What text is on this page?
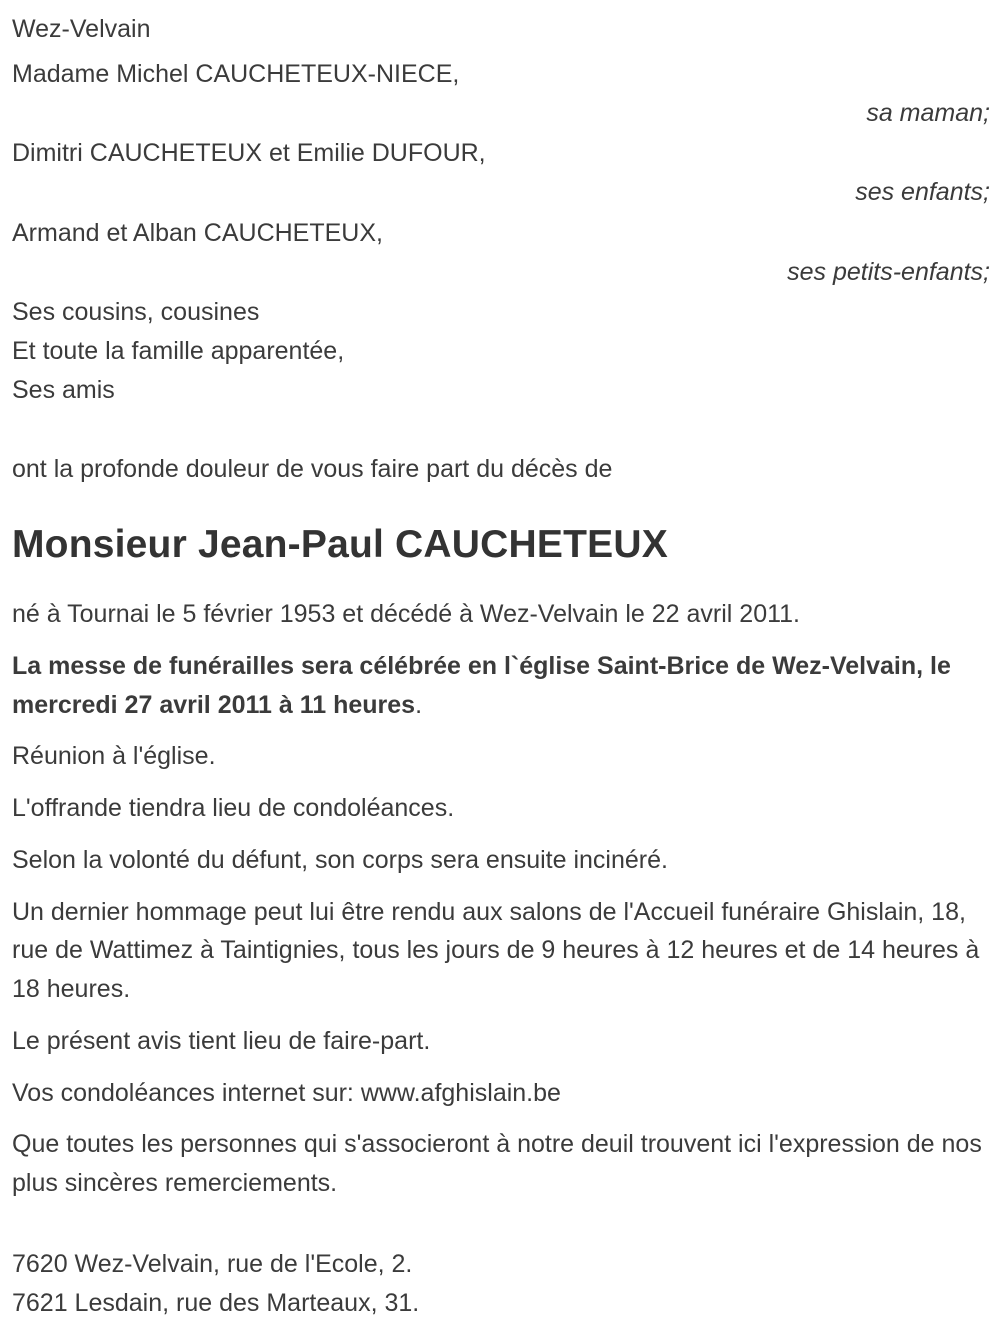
Wez-Velvain

Madame Michel CAUCHETEUX-NIECE,

sa maman;

Dimitri CAUCHETEUX et Emilie DUFOUR,

ses enfants;

Armand et Alban CAUCHETEUX,

ses petits-enfants;

Ses cousins, cousines

Et toute la famille apparentée,

Ses amis

ont la profonde douleur de vous faire part du décès de

Monsieur Jean-Paul CAUCHETEUX

né à Tournai le 5 février 1953 et décédé à Wez-Velvain le 22 avril 2011.

La messe de funérailles sera célébrée en l`église Saint-Brice de Wez-Velvain, le mercredi 27 avril 2011 à 11 heures.

Réunion à l'église.

L'offrande tiendra lieu de condoléances.

Selon la volonté du défunt, son corps sera ensuite incinéré.

Un dernier hommage peut lui être rendu aux salons de l'Accueil funéraire Ghislain, 18, rue de Wattimez à Taintignies, tous les jours de 9 heures à 12 heures et de 14 heures à 18 heures.

Le présent avis tient lieu de faire-part.

Vos condoléances internet sur: www.afghislain.be

Que toutes les personnes qui s'associeront à notre deuil trouvent ici l'expression de nos plus sincères remerciements.

7620 Wez-Velvain, rue de l'Ecole, 2.

7621 Lesdain, rue des Marteaux, 31.
